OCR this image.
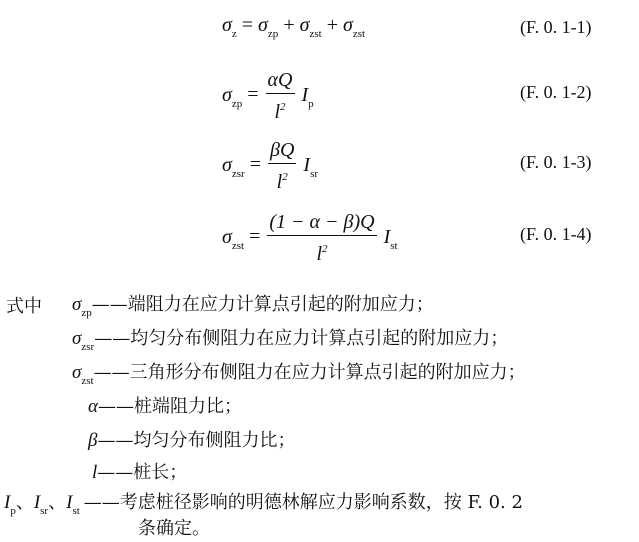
$\sigma_z = \sigma_{zp} + \sigma_{zst} + \sigma_{zst}$	(F. 0. 1-1)
$\sigma_{zp} = \frac{\alpha Q}{l^2} I_p$
(F. 0. 1-2)
$\sigma_{zsr} = \frac{\beta Q}{l^2} I_{sr}$
(F. 0. 1-3)
$\sigma_{zst} = \frac{(1 - \alpha - \beta)Q}{l^2} I_{st}$
(F. 0. 1-4)
式中 $\sigma_{zp}——$端阻力在应力计算点引起的附加应力；
$\sigma_{zsr}——$均匀分布侧阻力在应力计算点引起的附加应力；
$\sigma_{zst}——$三角形分布侧阻力在应力计算点引起的附加应力；
α——桩端阻力比；
β——均匀分布侧阻力比；
l——桩长；
$I_p$、$I_{sr}$、$I_{st}$ ——考虑桩径影响的明德林解应力影响系数，按 F. 0. 2
条确定。
